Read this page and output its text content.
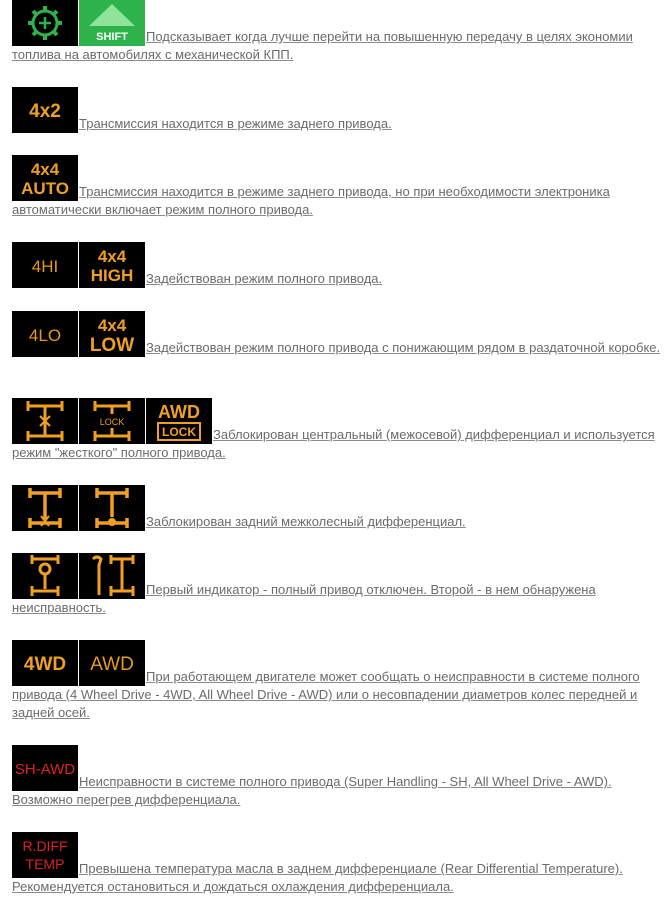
SHIFT Подсказывает когда лучше перейти на повышенную передачу в целях экономии топлива на автомобилях с механической КПП.
4x2
Трансмиссия находится в режиме заднего привода.
4x4
AUTO Трансмиссия находится в режиме заднего привода, но при необходимости электроника автоматически включает режим полного привода.
4HI
4x4
HIGH Задействован режим полного привода.
4LO
4x4
LOW Задействован режим полного привода с понижающим рядом в раздаточной коробке.
LOCK AWD
LOCK Заблокирован центральный (межосевой) дифференциал и используется режим "жесткого" полного привода.
Заблокирован задний межколесный дифференциал.
Первый индикатор - полный привод отключен. Второй - в нем обнаружена неисправность.
4WD AWD
При работающем двигателе может сообщать о неисправности в системе полного привода (4 Wheel Drive - 4WD, All Wheel Drive - AWD) или о несовпадении диаметров колес передней и задней осей.
SH-AWD
Неисправности в системе полного привода (Super Handling - SH, All Wheel Drive - AWD). Возможно перегрев дифференциала.
R.DIFF
TEMP Превышена температура масла в заднем дифференциале (Rear Differential Temperature). Рекомендуется остановиться и дождаться охлаждения дифференциала.
